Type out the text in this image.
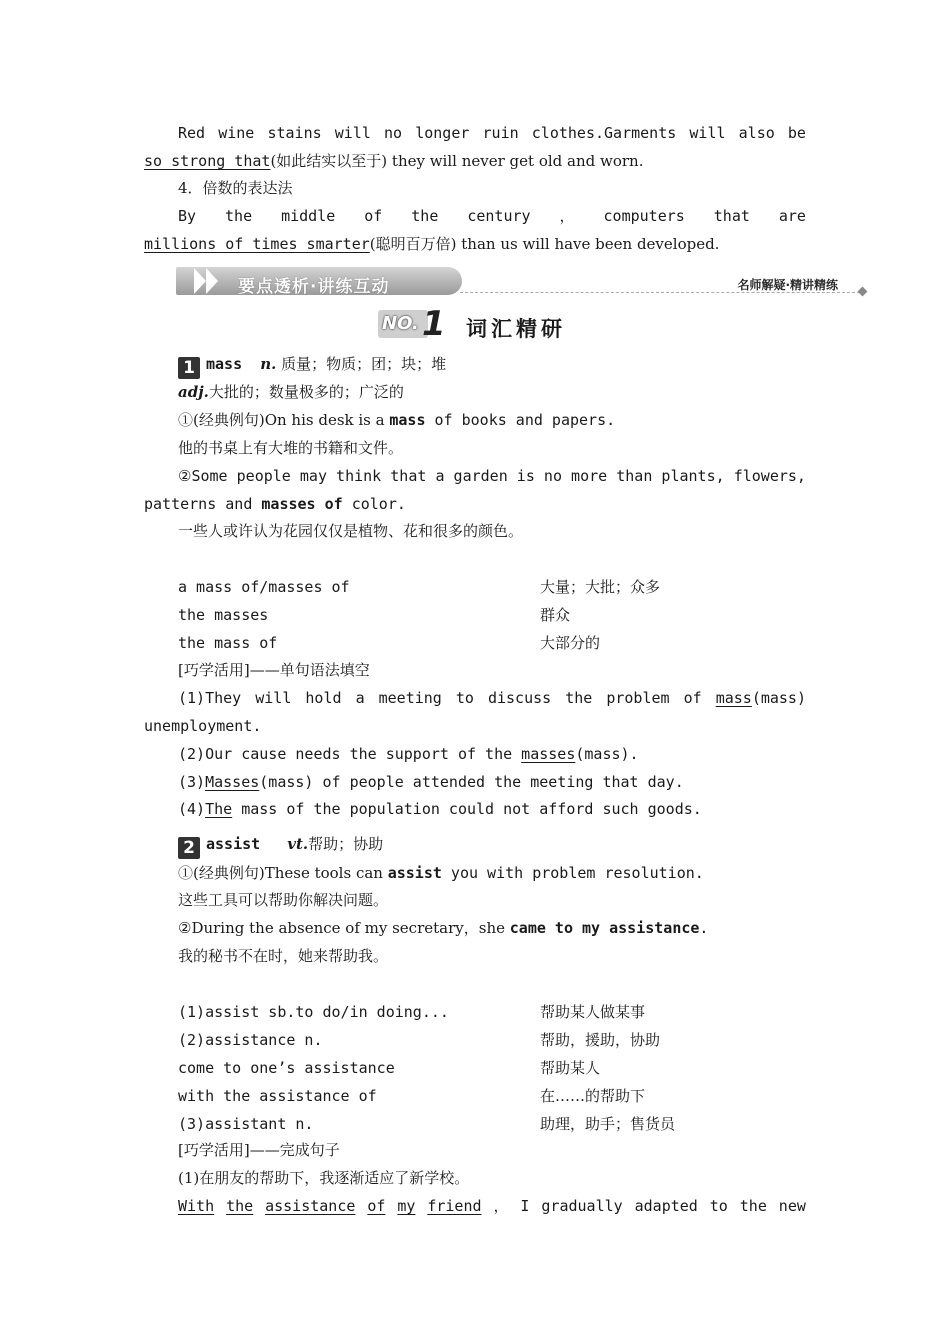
Red wine stains will no longer ruin clothes.Garments will also be
so strong that(如此结实以至于) they will never get old and worn.
4．倍数的表达法
By the middle of the century ， computers that are
millions of times smarter(聪明百万倍) than us will have been developed.
要点透析·讲练互动	名师解疑·精讲精练
NO. 1 词汇精研
1 mass n. 质量；物质；团；块；堆
adj.大批的；数量极多的；广泛的
①(经典例句)On his desk is a mass of books and papers.
他的书桌上有大堆的书籍和文件。
②Some people may think that a garden is no more than plants, flowers,
patterns and masses of color.
一些人或许认为花园仅仅是植物、花和很多的颜色。
a mass of/masses of	大量；大批；众多
the masses	群众
the mass of	大部分的
[巧学活用]——单句语法填空
(1)They will hold a meeting to discuss the problem of mass(mass)
unemployment.
(2)Our cause needs the support of the masses(mass).
(3)Masses(mass) of people attended the meeting that day.
(4)The mass of the population could not afford such goods.
2 assist vt.帮助；协助
①(经典例句)These tools can assist you with problem resolution.
这些工具可以帮助你解决问题。
②During the absence of my secretary，she came to my assistance.
我的秘书不在时，她来帮助我。
(1)assist sb.to do/in doing...	帮助某人做某事
(2)assistance n.	帮助，援助，协助
come to one’s assistance	帮助某人
with the assistance of	在……的帮助下
(3)assistant n.	助理，助手；售货员
[巧学活用]——完成句子
(1)在朋友的帮助下，我逐渐适应了新学校。
With the assistance of my friend ， I gradually adapted to the new
